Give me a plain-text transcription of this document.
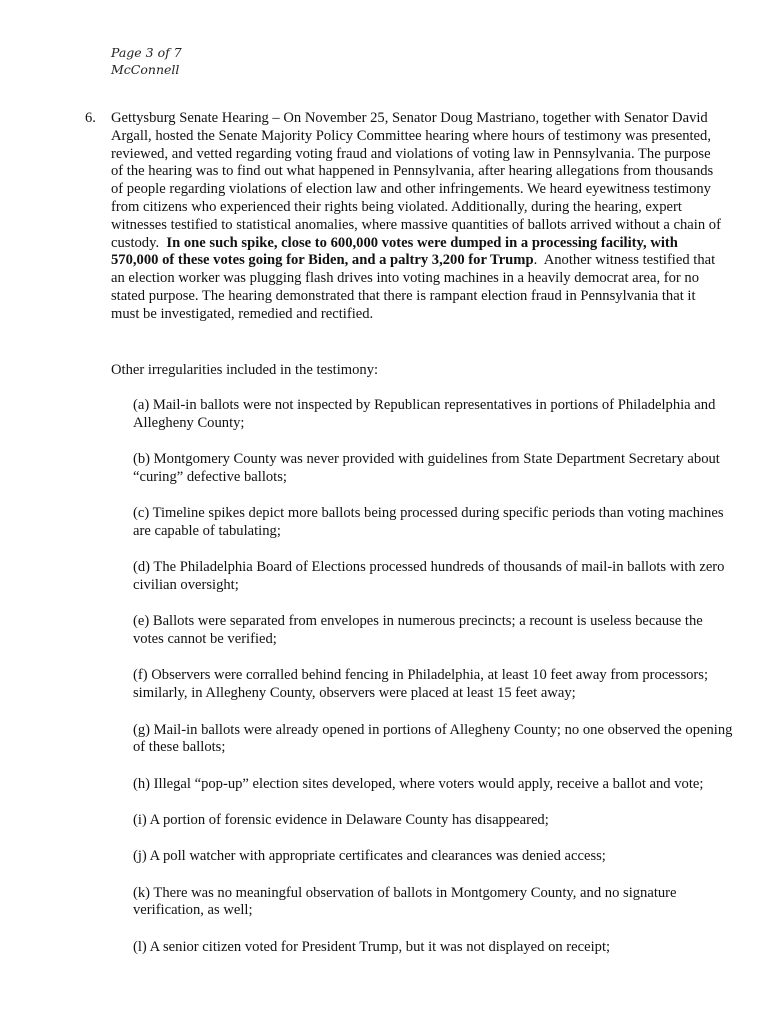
Page 3 of 7
McConnell
6. Gettysburg Senate Hearing – On November 25, Senator Doug Mastriano, together with Senator David Argall, hosted the Senate Majority Policy Committee hearing where hours of testimony was presented, reviewed, and vetted regarding voting fraud and violations of voting law in Pennsylvania. The purpose of the hearing was to find out what happened in Pennsylvania, after hearing allegations from thousands of people regarding violations of election law and other infringements. We heard eyewitness testimony from citizens who experienced their rights being violated. Additionally, during the hearing, expert witnesses testified to statistical anomalies, where massive quantities of ballots arrived without a chain of custody. In one such spike, close to 600,000 votes were dumped in a processing facility, with 570,000 of these votes going for Biden, and a paltry 3,200 for Trump. Another witness testified that an election worker was plugging flash drives into voting machines in a heavily democrat area, for no stated purpose. The hearing demonstrated that there is rampant election fraud in Pennsylvania that it must be investigated, remedied and rectified.
Other irregularities included in the testimony:
(a) Mail-in ballots were not inspected by Republican representatives in portions of Philadelphia and Allegheny County;
(b) Montgomery County was never provided with guidelines from State Department Secretary about “curing” defective ballots;
(c) Timeline spikes depict more ballots being processed during specific periods than voting machines are capable of tabulating;
(d) The Philadelphia Board of Elections processed hundreds of thousands of mail-in ballots with zero civilian oversight;
(e) Ballots were separated from envelopes in numerous precincts; a recount is useless because the votes cannot be verified;
(f) Observers were corralled behind fencing in Philadelphia, at least 10 feet away from processors; similarly, in Allegheny County, observers were placed at least 15 feet away;
(g) Mail-in ballots were already opened in portions of Allegheny County; no one observed the opening of these ballots;
(h) Illegal “pop-up” election sites developed, where voters would apply, receive a ballot and vote;
(i) A portion of forensic evidence in Delaware County has disappeared;
(j) A poll watcher with appropriate certificates and clearances was denied access;
(k) There was no meaningful observation of ballots in Montgomery County, and no signature verification, as well;
(l) A senior citizen voted for President Trump, but it was not displayed on receipt;
